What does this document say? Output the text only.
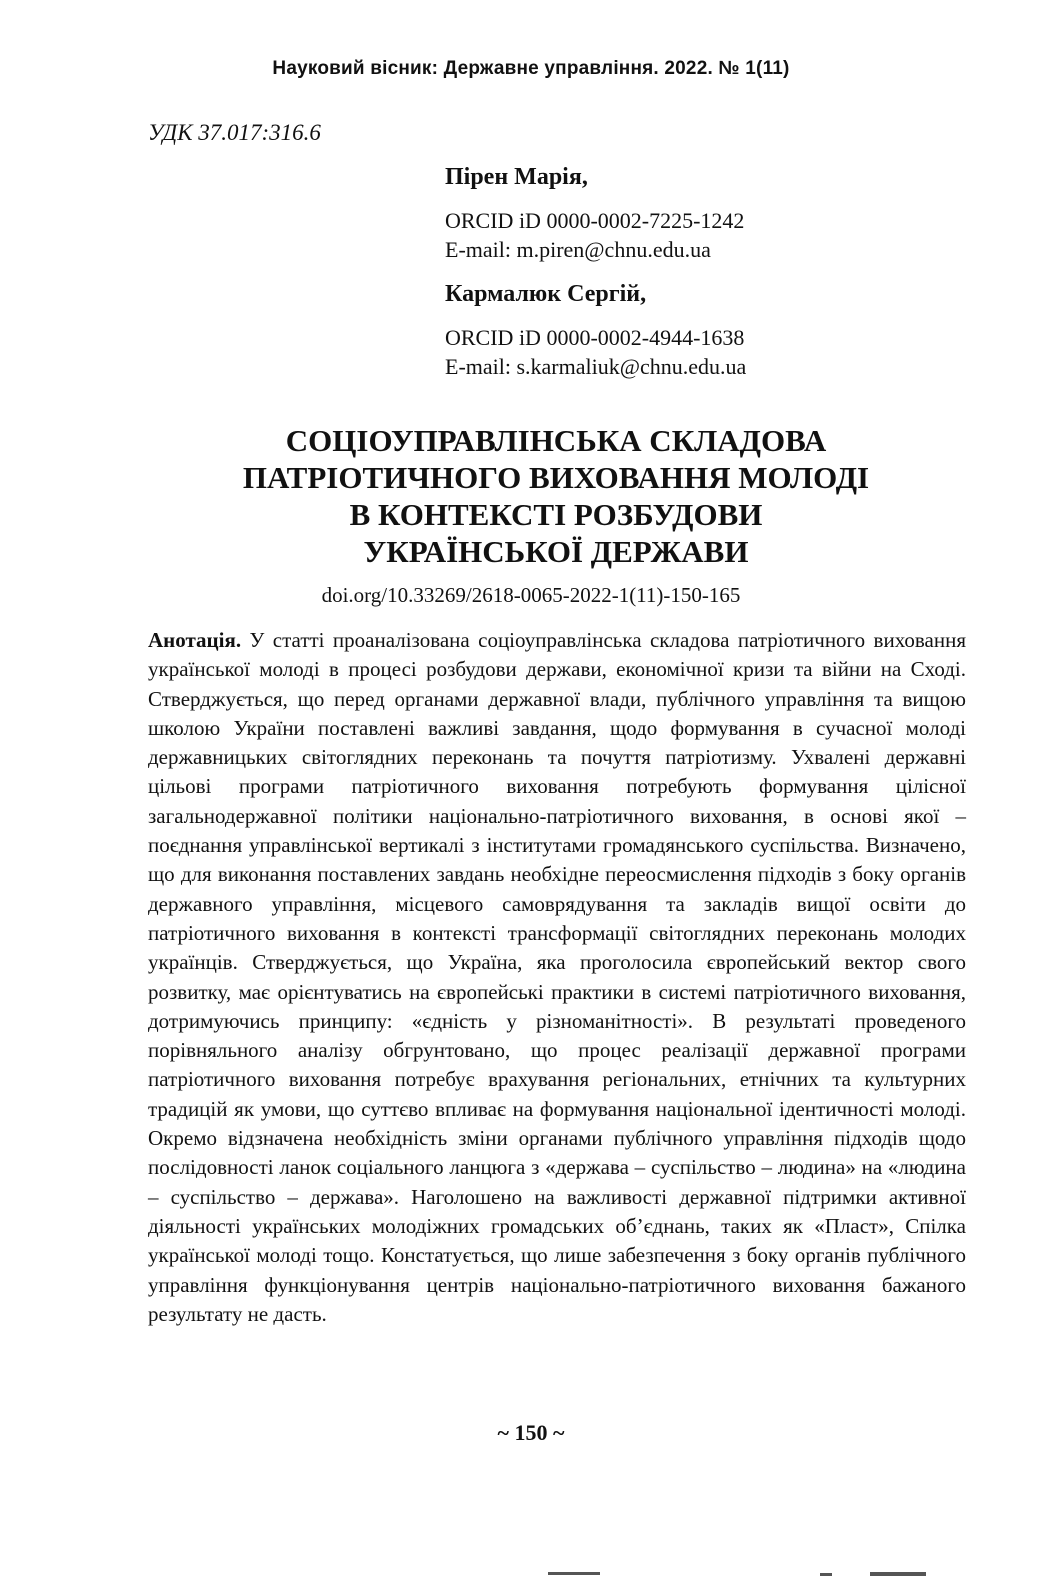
Науковий вісник: Державне управління. 2022. № 1(11)
УДК 37.017:316.6
Пірен Марія,
ORCID iD 0000-0002-7225-1242
E-mail: m.piren@chnu.edu.ua
Кармалюк Сергій,
ORCID iD 0000-0002-4944-1638
E-mail: s.karmaliuk@chnu.edu.ua
СОЦІОУПРАВЛІНСЬКА СКЛАДОВА
ПАТРІОТИЧНОГО ВИХОВАННЯ МОЛОДІ
В КОНТЕКСТІ РОЗБУДОВИ
УКРАЇНСЬКОЇ ДЕРЖАВИ
doi.org/10.33269/2618-0065-2022-1(11)-150-165
Анотація. У статті проаналізована соціоуправлінська складова патріотичного виховання української молоді в процесі розбудови держави, економічної кризи та війни на Сході. Стверджується, що перед органами державної влади, публічного управління та вищою школою України поставлені важливі завдання, щодо формування в сучасної молоді державницьких світоглядних переконань та почуття патріотизму. Ухвалені державні цільові програми патріотичного виховання потребують формування цілісної загальнодержавної політики національно-патріотичного виховання, в основі якої – поєднання управлінської вертикалі з інститутами громадянського суспільства. Визначено, що для виконання поставлених завдань необхідне переосмислення підходів з боку органів державного управління, місцевого самоврядування та закладів вищої освіти до патріотичного виховання в контексті трансформації світоглядних переконань молодих українців. Стверджується, що Україна, яка проголосила європейський вектор свого розвитку, має орієнтуватись на європейські практики в системі патріотичного виховання, дотримуючись принципу: «єдність у різноманітності». В результаті проведеного порівняльного аналізу обгрунтовано, що процес реалізації державної програми патріотичного виховання потребує врахування регіональних, етнічних та культурних традицій як умови, що суттєво впливає на формування національної ідентичності молоді. Окремо відзначена необхідність зміни органами публічного управління підходів щодо послідовності ланок соціального ланцюга з «держава – суспільство – людина» на «людина – суспільство – держава». Наголошено на важливості державної підтримки активної діяльності українських молодіжних громадських об’єднань, таких як «Пласт», Спілка української молоді тощо. Констатується, що лише забезпечення з боку органів публічного управління функціонування центрів національно-патріотичного виховання бажаного результату не дасть.
~ 150 ~
